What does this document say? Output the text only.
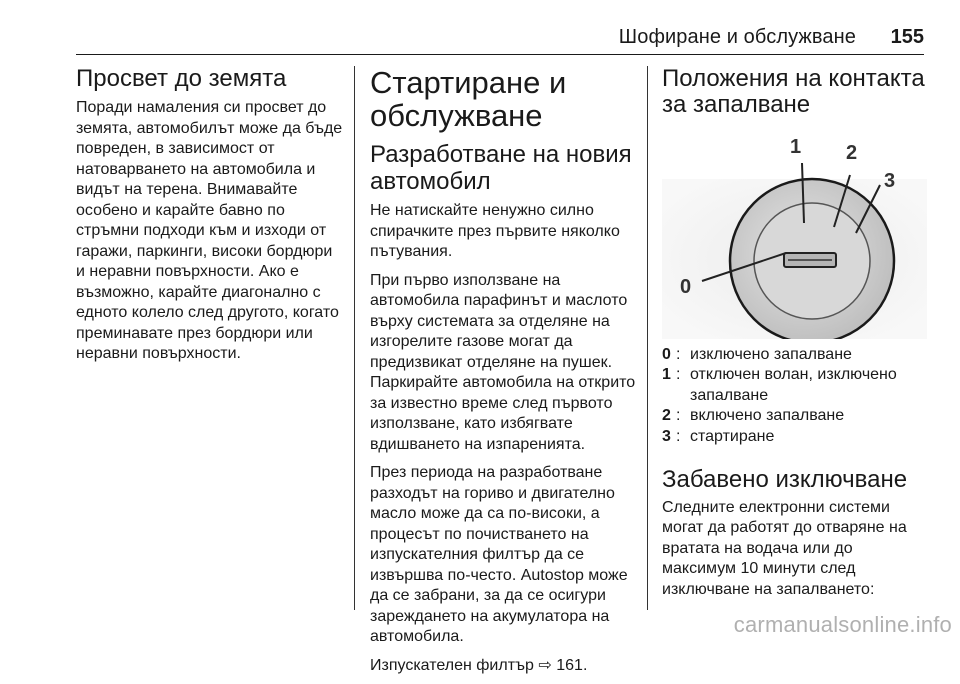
Шофиране и обслужване 155
Просвет до земята

Поради намаления си просвет до земята, автомобилът може да бъде повреден, в зависимост от натоварването на автомобила и видът на терена. Внимавайте особено и карайте бавно по стръмни подходи към и изходи от гаражи, паркинги, високи бордюри и неравни повърхности. Ако е възможно, карайте диагонално с едното колело след другото, когато преминавате през бордюри или неравни повърхности.

Стартиране и обслужване
Разработване на новия автомобил

Не натискайте ненужно силно спирачките през първите няколко пътувания.

При първо използване на автомобила парафинът и маслото върху системата за отделяне на изгорелите газове могат да предизвикат отделяне на пушек. Паркирайте автомобила на открито за известно време след първото използване, като избягвате вдишването на изпаренията.

През периода на разработване разходът на гориво и двигателно масло може да са по-високи, а процесът по почистването на изпускателния филтър да се извършва по-често. Autostop може да се забрани, за да се осигури зареждането на акумулатора на автомобила.

Изпускателен филтър ⇨ 161.

Положения на контакта за запалване
0
1 2
3
0 : изключено запалване
1 : отключен волан, изключено запалване
2 : включено запалване
3 : стартиране
Забавено изключване

Следните електронни системи могат да работят до отваряне на вратата на водача или до максимум 10 минути след изключване на запалването:

carmanualsonline.info
